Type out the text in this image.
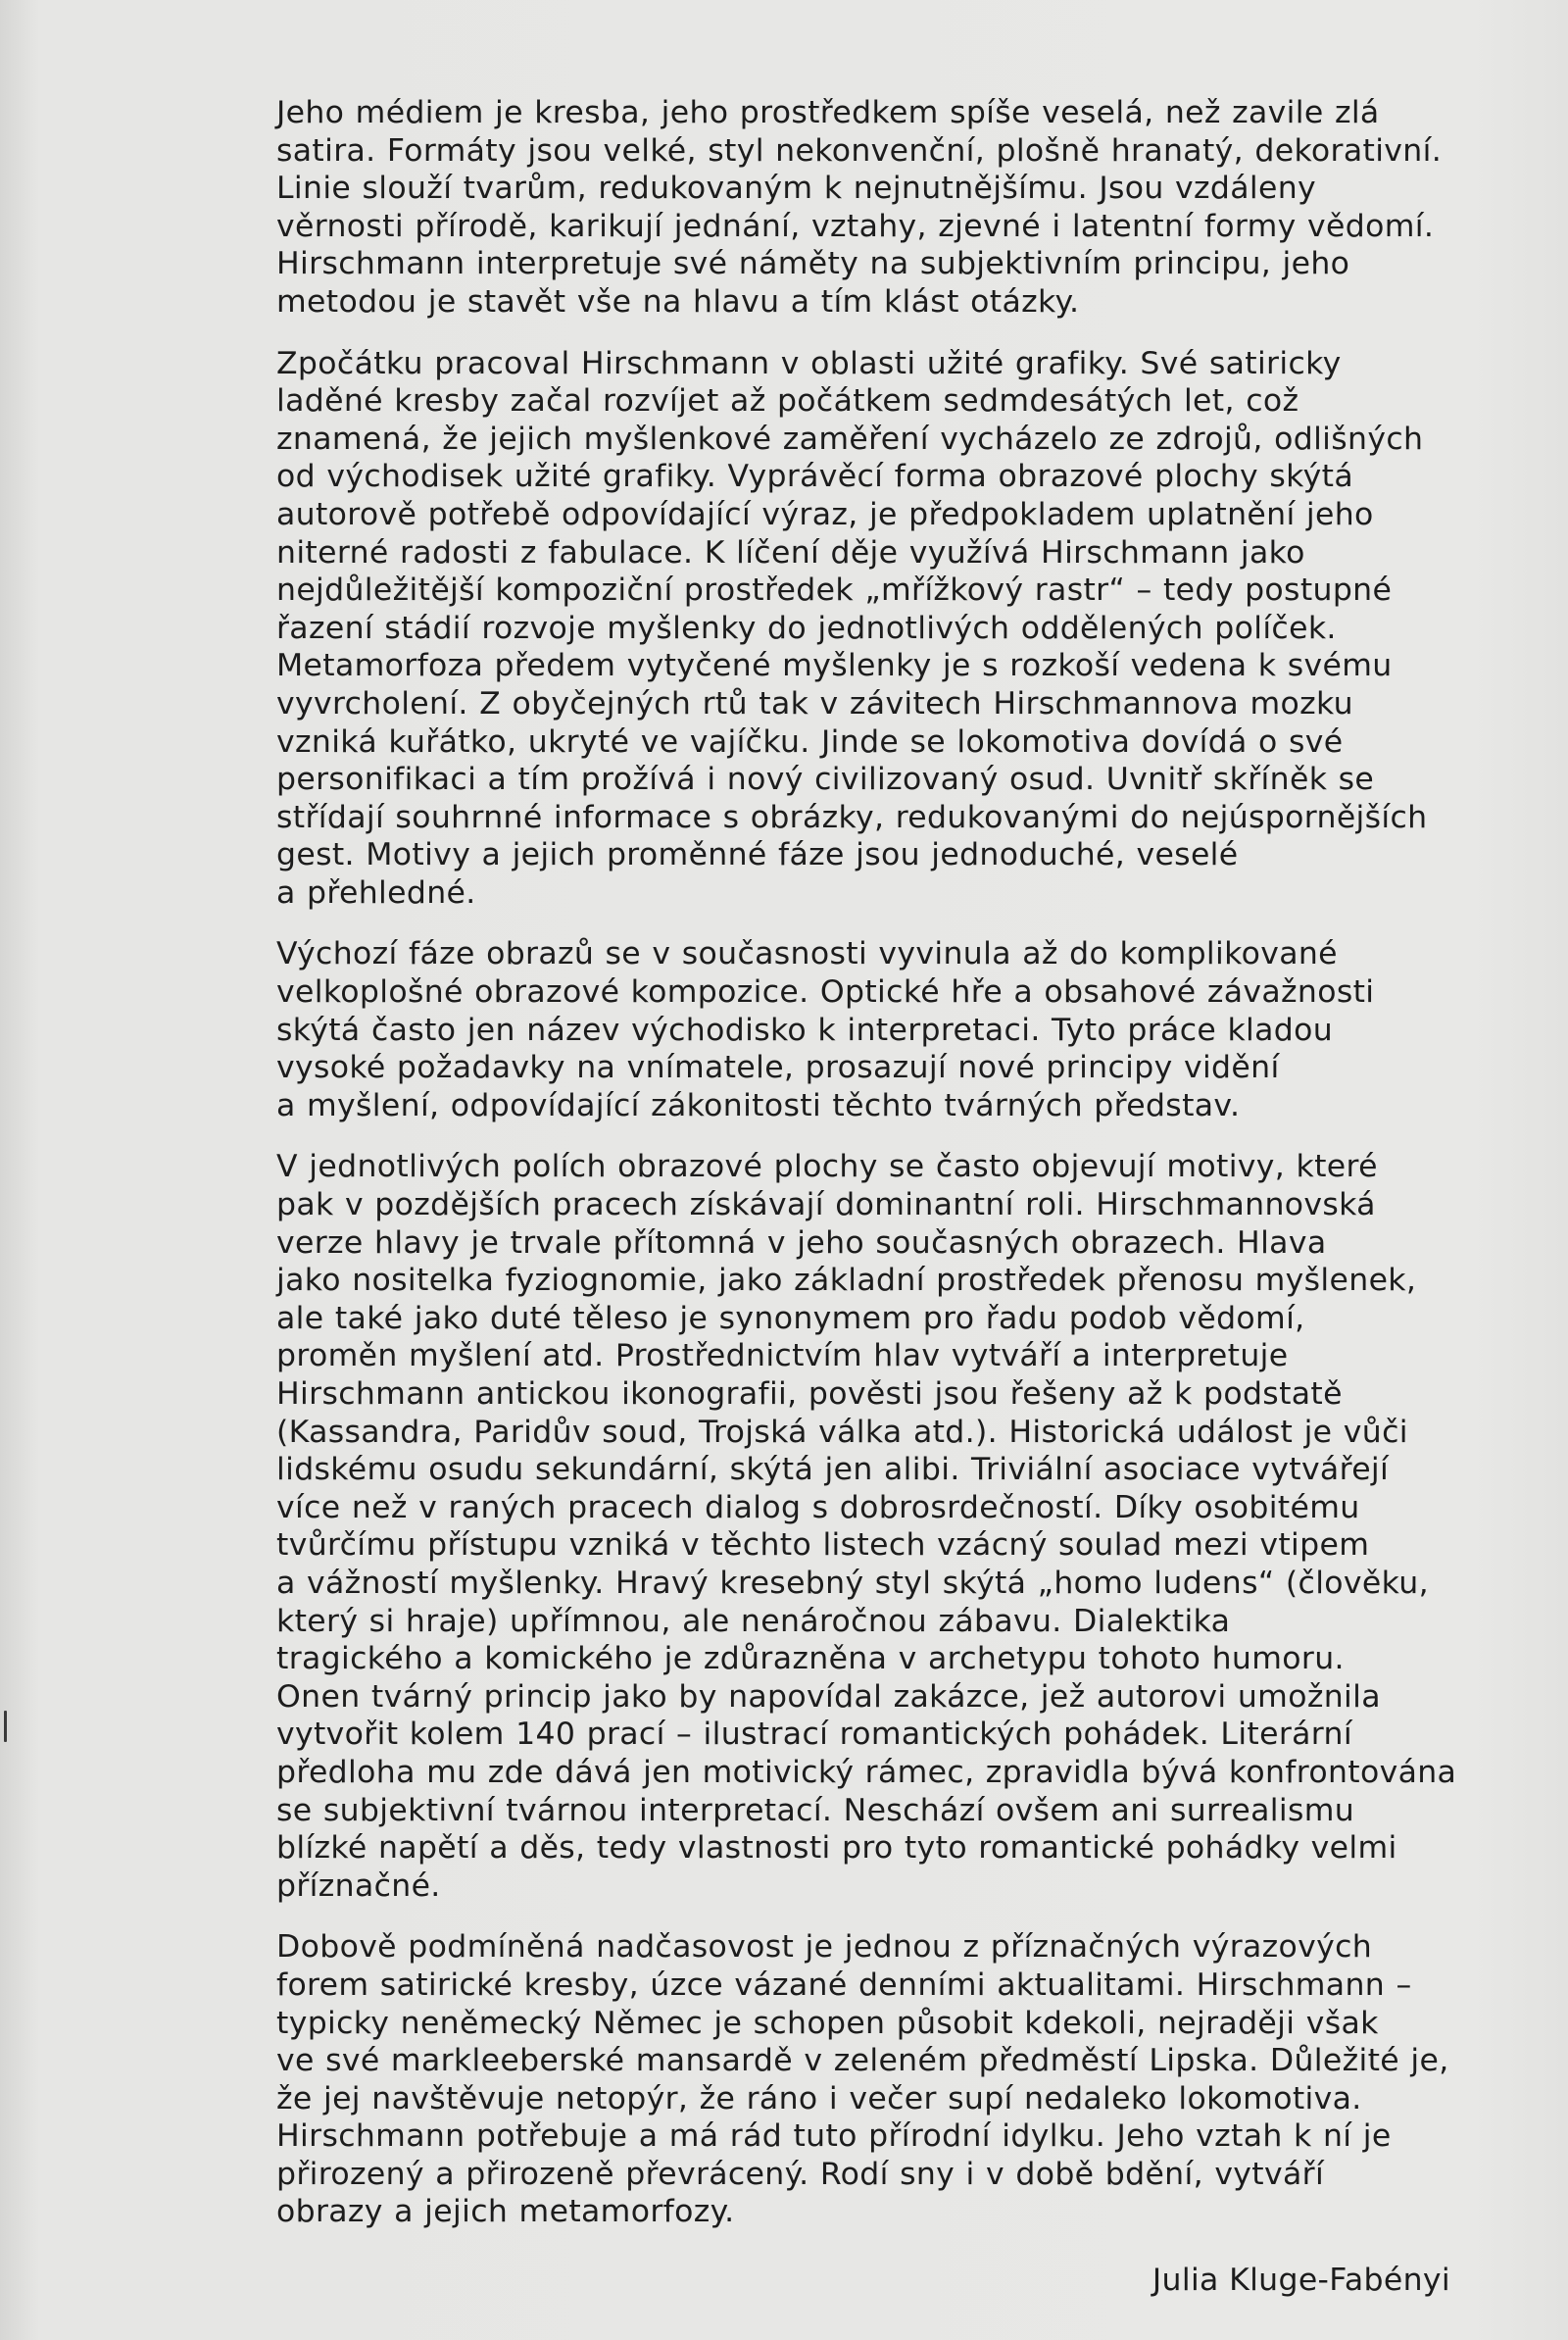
Jeho médiem je kresba, jeho prostředkem spíše veselá, než zavile zlá
satira. Formáty jsou velké, styl nekonvenční, plošně hranatý, dekorativní.
Linie slouží tvarům, redukovaným k nejnutnějšímu. Jsou vzdáleny
věrnosti přírodě, karikují jednání, vztahy, zjevné i latentní formy vědomí.
Hirschmann interpretuje své náměty na subjektivním principu, jeho
metodou je stavět vše na hlavu a tím klást otázky.
Zpočátku pracoval Hirschmann v oblasti užité grafiky. Své satiricky
laděné kresby začal rozvíjet až počátkem sedmdesátých let, což
znamená, že jejich myšlenkové zaměření vycházelo ze zdrojů, odlišných
od východisek užité grafiky. Vyprávěcí forma obrazové plochy skýtá
autorově potřebě odpovídající výraz, je předpokladem uplatnění jeho
niterné radosti z fabulace. K líčení děje využívá Hirschmann jako
nejdůležitější kompoziční prostředek „mřížkový rastr“ – tedy postupné
řazení stádií rozvoje myšlenky do jednotlivých oddělených políček.
Metamorfoza předem vytyčené myšlenky je s rozkoší vedena k svému
vyvrcholení. Z obyčejných rtů tak v závitech Hirschmannova mozku
vzniká kuřátko, ukryté ve vajíčku. Jinde se lokomotiva dovídá o své
personifikaci a tím prožívá i nový civilizovaný osud. Uvnitř skříněk se
střídají souhrnné informace s obrázky, redukovanými do nejúspornějších
gest. Motivy a jejich proměnné fáze jsou jednoduché, veselé
a přehledné.
Výchozí fáze obrazů se v současnosti vyvinula až do komplikované
velkoplošné obrazové kompozice. Optické hře a obsahové závažnosti
skýtá často jen název východisko k interpretaci. Tyto práce kladou
vysoké požadavky na vnímatele, prosazují nové principy vidění
a myšlení, odpovídající zákonitosti těchto tvárných představ.
V jednotlivých polích obrazové plochy se často objevují motivy, které
pak v pozdějších pracech získávají dominantní roli. Hirschmannovská
verze hlavy je trvale přítomná v jeho současných obrazech. Hlava
jako nositelka fyziognomie, jako základní prostředek přenosu myšlenek,
ale také jako duté těleso je synonymem pro řadu podob vědomí,
proměn myšlení atd. Prostřednictvím hlav vytváří a interpretuje
Hirschmann antickou ikonografii, pověsti jsou řešeny až k podstatě
(Kassandra, Paridův soud, Trojská válka atd.). Historická událost je vůči
lidskému osudu sekundární, skýtá jen alibi. Triviální asociace vytvářejí
více než v raných pracech dialog s dobrosrdečností. Díky osobitému
tvůrčímu přístupu vzniká v těchto listech vzácný soulad mezi vtipem
a vážností myšlenky. Hravý kresebný styl skýtá „homo ludens“ (člověku,
který si hraje) upřímnou, ale nenáročnou zábavu. Dialektika
tragického a komického je zdůrazněna v archetypu tohoto humoru.
Onen tvárný princip jako by napovídal zakázce, jež autorovi umožnila
vytvořit kolem 140 prací – ilustrací romantických pohádek. Literární
předloha mu zde dává jen motivický rámec, zpravidla bývá konfrontována
se subjektivní tvárnou interpretací. Neschází ovšem ani surrealismu
blízké napětí a děs, tedy vlastnosti pro tyto romantické pohádky velmi
příznačné.
Dobově podmíněná nadčasovost je jednou z příznačných výrazových
forem satirické kresby, úzce vázané denními aktualitami. Hirschmann –
typicky neněmecký Němec je schopen působit kdekoli, nejraději však
ve své markleeberské mansardě v zeleném předměstí Lipska. Důležité je,
že jej navštěvuje netopýr, že ráno i večer supí nedaleko lokomotiva.
Hirschmann potřebuje a má rád tuto přírodní idylku. Jeho vztah k ní je
přirozený a přirozeně převrácený. Rodí sny i v době bdění, vytváří
obrazy a jejich metamorfozy.
Julia Kluge-Fabényi
